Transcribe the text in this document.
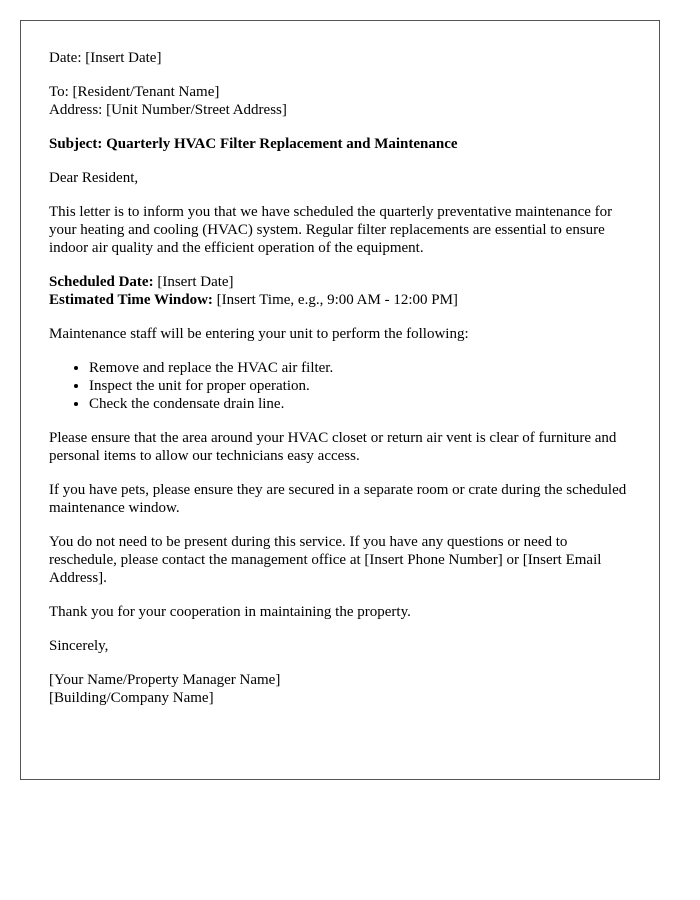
Date: [Insert Date]

To: [Resident/Tenant Name]
Address: [Unit Number/Street Address]

Subject: Quarterly HVAC Filter Replacement and Maintenance

Dear Resident,

This letter is to inform you that we have scheduled the quarterly preventative maintenance for your heating and cooling (HVAC) system. Regular filter replacements are essential to ensure indoor air quality and the efficient operation of the equipment.

Scheduled Date: [Insert Date]
Estimated Time Window: [Insert Time, e.g., 9:00 AM - 12:00 PM]

Maintenance staff will be entering your unit to perform the following:

• Remove and replace the HVAC air filter.
• Inspect the unit for proper operation.
• Check the condensate drain line.

Please ensure that the area around your HVAC closet or return air vent is clear of furniture and personal items to allow our technicians easy access.

If you have pets, please ensure they are secured in a separate room or crate during the scheduled maintenance window.

You do not need to be present during this service. If you have any questions or need to reschedule, please contact the management office at [Insert Phone Number] or [Insert Email Address].

Thank you for your cooperation in maintaining the property.

Sincerely,

[Your Name/Property Manager Name]
[Building/Company Name]
